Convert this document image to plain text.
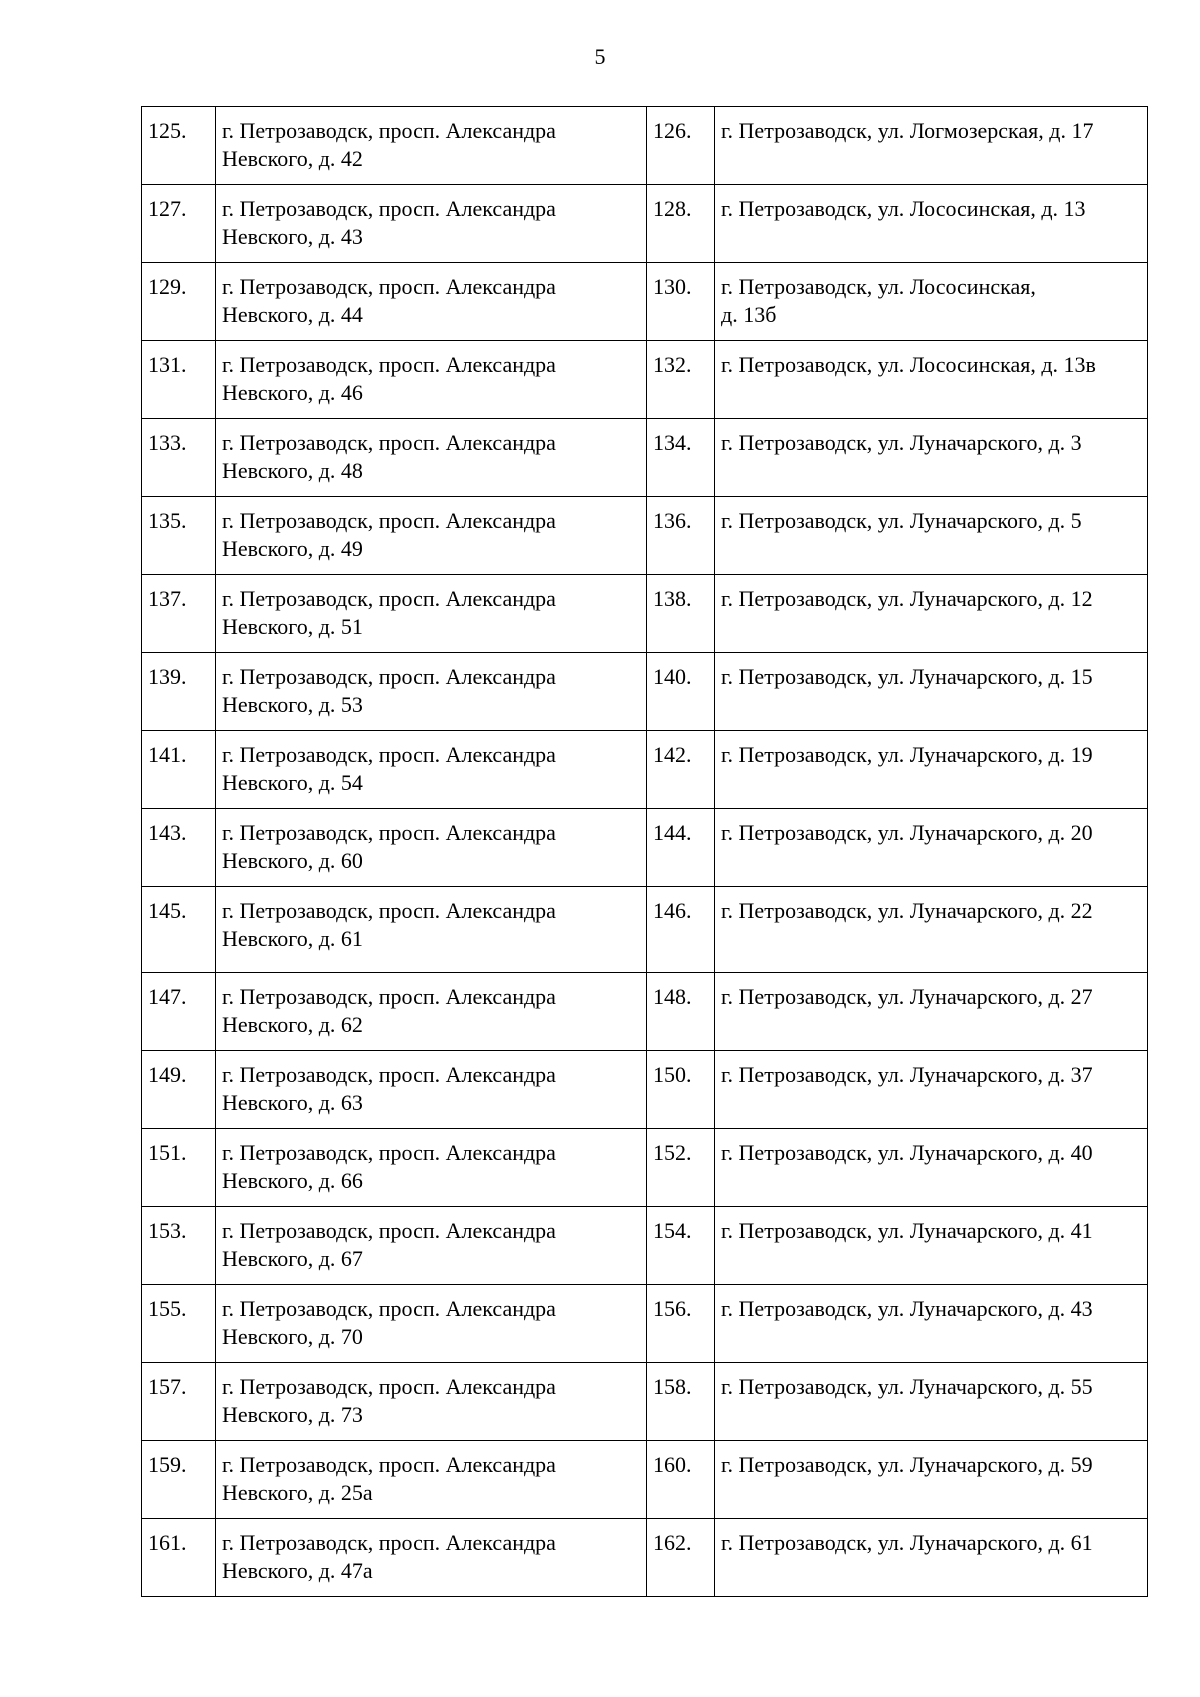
5
125.	г. Петрозаводск, просп. Александра Невского, д. 42	126.	г. Петрозаводск, ул. Логмозерская, д. 17
127.	г. Петрозаводск, просп. Александра Невского, д. 43	128.	г. Петрозаводск, ул. Лососинская, д. 13
129.	г. Петрозаводск, просп. Александра Невского, д. 44	130.	г. Петрозаводск, ул. Лососинская,
д. 13б
131.	г. Петрозаводск, просп. Александра Невского, д. 46	132.	г. Петрозаводск, ул. Лососинская, д. 13в
133.	г. Петрозаводск, просп. Александра Невского, д. 48	134.	г. Петрозаводск, ул. Луначарского, д. 3
135.	г. Петрозаводск, просп. Александра Невского, д. 49	136.	г. Петрозаводск, ул. Луначарского, д. 5
137.	г. Петрозаводск, просп. Александра Невского, д. 51	138.	г. Петрозаводск, ул. Луначарского, д. 12
139.	г. Петрозаводск, просп. Александра Невского, д. 53	140.	г. Петрозаводск, ул. Луначарского, д. 15
141.	г. Петрозаводск, просп. Александра Невского, д. 54	142.	г. Петрозаводск, ул. Луначарского, д. 19
143.	г. Петрозаводск, просп. Александра Невского, д. 60	144.	г. Петрозаводск, ул. Луначарского, д. 20
145.	г. Петрозаводск, просп. Александра Невского, д. 61	146.	г. Петрозаводск, ул. Луначарского, д. 22
147.	г. Петрозаводск, просп. Александра Невского, д. 62	148.	г. Петрозаводск, ул. Луначарского, д. 27
149.	г. Петрозаводск, просп. Александра Невского, д. 63	150.	г. Петрозаводск, ул. Луначарского, д. 37
151.	г. Петрозаводск, просп. Александра Невского, д. 66	152.	г. Петрозаводск, ул. Луначарского, д. 40
153.	г. Петрозаводск, просп. Александра Невского, д. 67	154.	г. Петрозаводск, ул. Луначарского, д. 41
155.	г. Петрозаводск, просп. Александра Невского, д. 70	156.	г. Петрозаводск, ул. Луначарского, д. 43
157.	г. Петрозаводск, просп. Александра Невского, д. 73	158.	г. Петрозаводск, ул. Луначарского, д. 55
159.	г. Петрозаводск, просп. Александра Невского, д. 25а	160.	г. Петрозаводск, ул. Луначарского, д. 59
161.	г. Петрозаводск, просп. Александра Невского, д. 47а	162.	г. Петрозаводск, ул. Луначарского, д. 61
